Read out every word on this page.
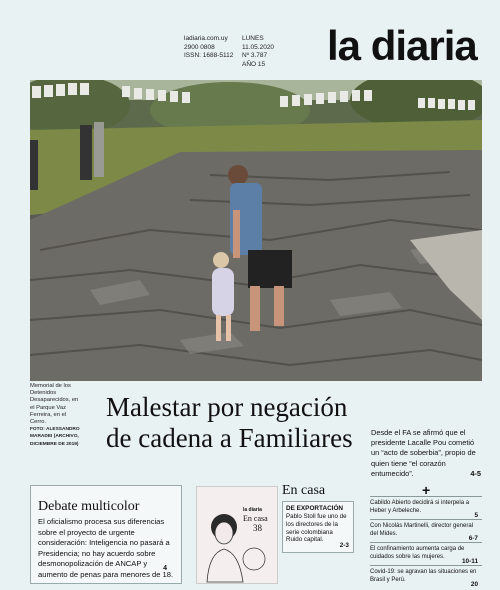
ladiaria.com.uy
2900 0808
ISSN: 1688-5112
LUNES
11.05.2020
Nº 3.787
AÑO 15 la diaria
Memorial de los Detenidos Desaparecidos, en el Parque Vaz Ferreira, en el Cerro.
FOTO: ALESSANDRO MARADEI (ARCHIVO, DICIEMBRE DE 2019)
Malestar por negación de cadena a Familiares	Desde el FA se afirmó que el presidente Lacalle Pou cometió un “acto de soberbia”, propio de quien tiene “el corazón entumecido”.	4-5
Debate multicolor
El oficialismo procesa sus diferencias sobre el proyecto de urgente consideración: Inteligencia no pasará a Presidencia; no hay acuerdo sobre desmonopolización de ANCAP y aumento de penas para menores de 18.
4
la diaria
En casa
38
En casa
DE EXPORTACIÓN
Pablo Stoll fue uno de los directores de la serie colombiana Ruido capital.
2-3
+
Cabildo Abierto decidirá si interpela a Heber y Arbeleche.
5
Con Nicolás Martinelli, director general del Mides.
6-7
El confinamiento aumenta carga de cuidados sobre las mujeres.
10-11
Covid-19: se agravan las situaciones en Brasil y Perú.
20
